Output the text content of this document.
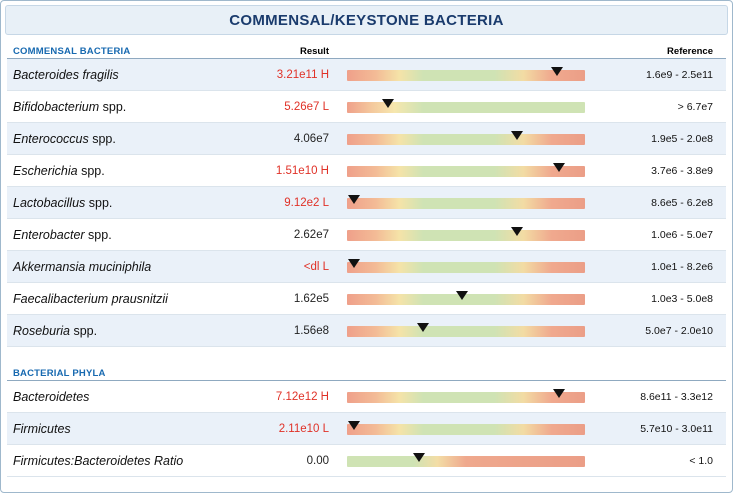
COMMENSAL/KEYSTONE BACTERIA
COMMENSAL BACTERIA	Result	Reference
Bacteroides fragilis	3.21e11 H	1.6e9 - 2.5e11
Bifidobacterium spp.	5.26e7 L	> 6.7e7
Enterococcus spp.	4.06e7	1.9e5 - 2.0e8
Escherichia spp.	1.51e10 H	3.7e6 - 3.8e9
Lactobacillus spp.	9.12e2 L	8.6e5 - 6.2e8
Enterobacter spp.	2.62e7	1.0e6 - 5.0e7
Akkermansia muciniphila	<dl L	1.0e1 - 8.2e6
Faecalibacterium prausnitzii	1.62e5	1.0e3 - 5.0e8
Roseburia spp.	1.56e8	5.0e7 - 2.0e10
BACTERIAL PHYLA
Bacteroidetes	7.12e12 H	8.6e11 - 3.3e12
Firmicutes	2.11e10 L	5.7e10 - 3.0e11
Firmicutes:Bacteroidetes Ratio	0.00	< 1.0
